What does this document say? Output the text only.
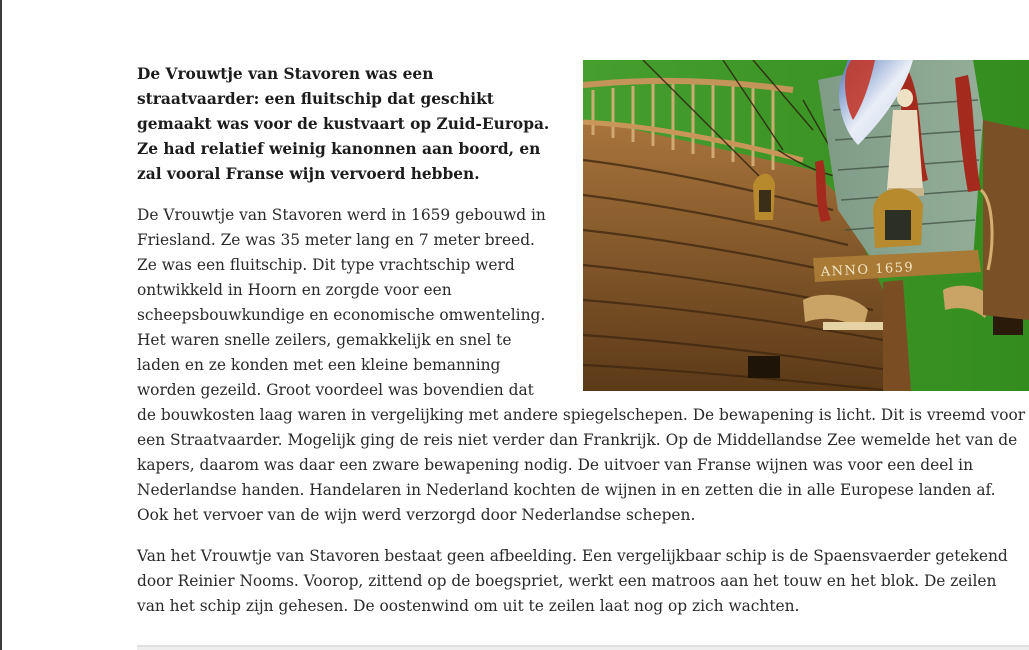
ANNO 1659

De Vrouwtje van Stavoren was een straatvaarder: een fluitschip dat geschikt gemaakt was voor de kustvaart op Zuid-Europa. Ze had relatief weinig kanonnen aan boord, en zal vooral Franse wijn vervoerd hebben.

De Vrouwtje van Stavoren werd in 1659 gebouwd in Friesland. Ze was 35 meter lang en 7 meter breed. Ze was een fluitschip. Dit type vrachtschip werd ontwikkeld in Hoorn en zorgde voor een scheepsbouwkundige en economische omwenteling. Het waren snelle zeilers, gemakkelijk en snel te laden en ze konden met een kleine bemanning worden gezeild. Groot voordeel was bovendien dat de bouwkosten laag waren in vergelijking met andere spiegelschepen. De bewapening is licht. Dit is vreemd voor een Straatvaarder. Mogelijk ging de reis niet verder dan Frankrijk. Op de Middellandse Zee wemelde het van de kapers, daarom was daar een zware bewapening nodig. De uitvoer van Franse wijnen was voor een deel in Nederlandse handen. Handelaren in Nederland kochten de wijnen in en zetten die in alle Europese landen af. Ook het vervoer van de wijn werd verzorgd door Nederlandse schepen.

Van het Vrouwtje van Stavoren bestaat geen afbeelding. Een vergelijkbaar schip is de Spaensvaerder getekend door Reinier Nooms. Voorop, zittend op de boegspriet, werkt een matroos aan het touw en het blok. De zeilen van het schip zijn gehesen. De oostenwind om uit te zeilen laat nog op zich wachten.
